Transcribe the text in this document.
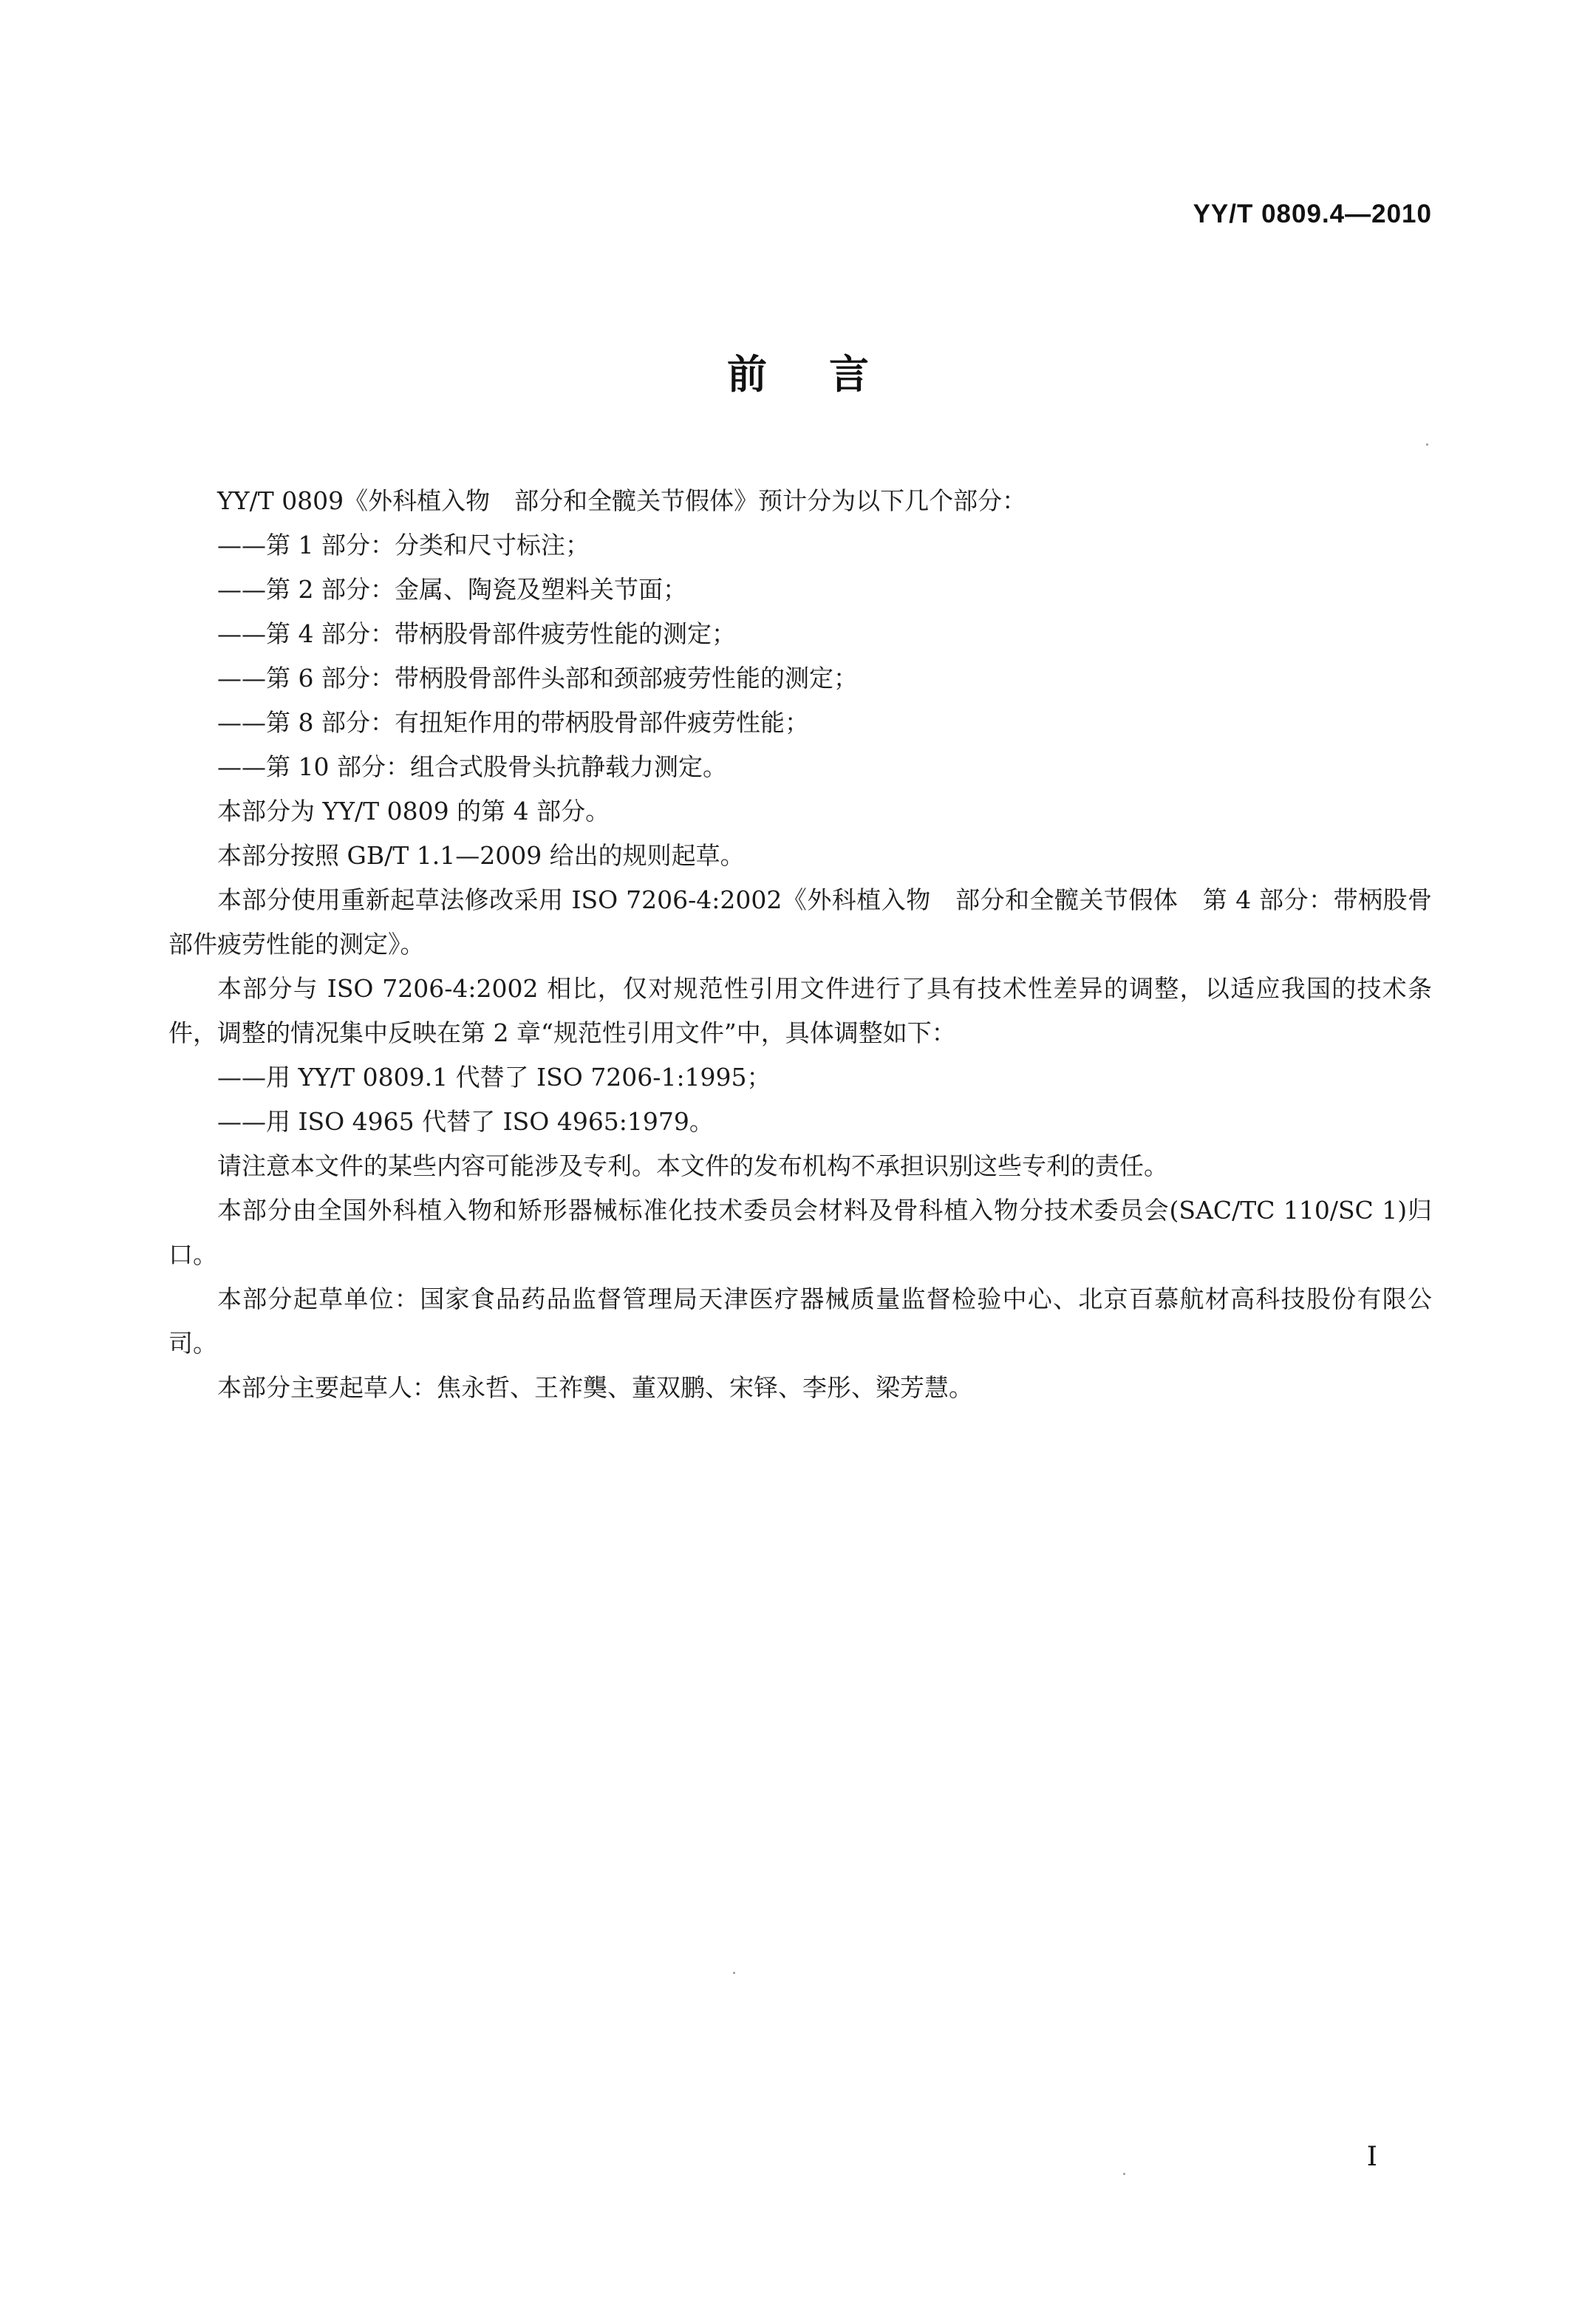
YY/T 0809.4—2010
前言

YY/T 0809《外科植入物　部分和全髋关节假体》预计分为以下几个部分：

——第 1 部分：分类和尺寸标注；

——第 2 部分：金属、陶瓷及塑料关节面；

——第 4 部分：带柄股骨部件疲劳性能的测定；

——第 6 部分：带柄股骨部件头部和颈部疲劳性能的测定；

——第 8 部分：有扭矩作用的带柄股骨部件疲劳性能；

——第 10 部分：组合式股骨头抗静载力测定。

本部分为 YY/T 0809 的第 4 部分。

本部分按照 GB/T 1.1—2009 给出的规则起草。

本部分使用重新起草法修改采用 ISO 7206-4:2002《外科植入物　部分和全髋关节假体　第 4 部分：带柄股骨部件疲劳性能的测定》。

本部分与 ISO 7206-4:2002 相比，仅对规范性引用文件进行了具有技术性差异的调整，以适应我国的技术条件，调整的情况集中反映在第 2 章“规范性引用文件”中，具体调整如下：

——用 YY/T 0809.1 代替了 ISO 7206-1:1995；

——用 ISO 4965 代替了 ISO 4965:1979。

请注意本文件的某些内容可能涉及专利。本文件的发布机构不承担识别这些专利的责任。

本部分由全国外科植入物和矫形器械标准化技术委员会材料及骨科植入物分技术委员会(SAC/TC 110/SC 1)归口。

本部分起草单位：国家食品药品监督管理局天津医疗器械质量监督检验中心、北京百慕航材高科技股份有限公司。

本部分主要起草人：焦永哲、王祚龑、董双鹏、宋铎、李彤、梁芳慧。

I
